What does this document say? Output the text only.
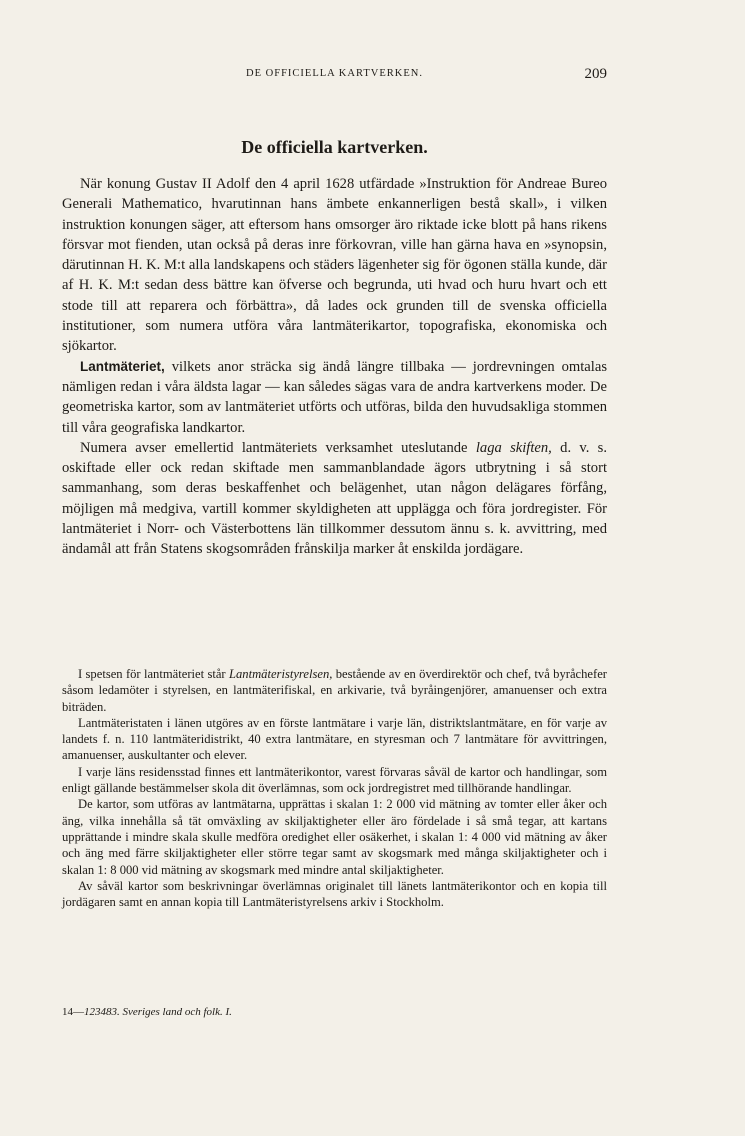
DE OFFICIELLA KARTVERKEN.	209
De officiella kartverken.

När konung Gustav II Adolf den 4 april 1628 utfärdade »Instruktion för Andreae Bureo Generali Mathematico, hvarutinnan hans ämbete enkannerligen bestå skall», i vilken instruktion konungen säger, att eftersom hans omsorger äro riktade icke blott på hans rikens försvar mot fienden, utan också på deras inre förkovran, ville han gärna hava en »synopsin, därutinnan H. K. M:t alla landskapens och städers lägenheter sig för ögonen ställa kunde, där af H. K. M:t sedan dess bättre kan öfverse och begrunda, uti hvad och huru hvart och ett stode till att reparera och förbättra», då lades ock grunden till de svenska officiella institutioner, som numera utföra våra lantmäterikartor, topografiska, ekonomiska och sjökartor.

Lantmäteriet, vilkets anor sträcka sig ändå längre tillbaka — jordrevningen omtalas nämligen redan i våra äldsta lagar — kan således sägas vara de andra kartverkens moder. De geometriska kartor, som av lantmäteriet utförts och utföras, bilda den huvudsakliga stommen till våra geografiska landkartor.

Numera avser emellertid lantmäteriets verksamhet uteslutande laga skiften, d. v. s. oskiftade eller ock redan skiftade men sammanblandade ägors utbrytning i så stort sammanhang, som deras beskaffenhet och belägenhet, utan någon delägares förfång, möjligen må medgiva, vartill kommer skyldigheten att upplägga och föra jordregister. För lantmäteriet i Norr- och Västerbottens län tillkommer dessutom ännu s. k. avvittring, med ändamål att från Statens skogsområden frånskilja marker åt enskilda jordägare.

I spetsen för lantmäteriet står Lantmäteristyrelsen, bestående av en överdirektör och chef, två byråchefer såsom ledamöter i styrelsen, en lantmäterifiskal, en arkivarie, två byråingenjörer, amanuenser och extra biträden.

Lantmäteristaten i länen utgöres av en förste lantmätare i varje län, distriktslantmätare, en för varje av landets f. n. 110 lantmäteridistrikt, 40 extra lantmätare, en styresman och 7 lantmätare för avvittringen, amanuenser, auskultanter och elever.

I varje läns residensstad finnes ett lantmäterikontor, varest förvaras såväl de kartor och handlingar, som enligt gällande bestämmelser skola dit överlämnas, som ock jordregistret med tillhörande handlingar.

De kartor, som utföras av lantmätarna, upprättas i skalan 1: 2 000 vid mätning av tomter eller åker och äng, vilka innehålla så tät omväxling av skiljaktigheter eller äro fördelade i så små tegar, att kartans upprättande i mindre skala skulle medföra oredighet eller osäkerhet, i skalan 1: 4 000 vid mätning av åker och äng med färre skiljaktigheter eller större tegar samt av skogsmark med många skiljaktigheter och i skalan 1: 8 000 vid mätning av skogsmark med mindre antal skiljaktigheter.

Av såväl kartor som beskrivningar överlämnas originalet till länets lantmäterikontor och en kopia till jordägaren samt en annan kopia till Lantmäteristyrelsens arkiv i Stockholm.

14—123483. Sveriges land och folk. I.
